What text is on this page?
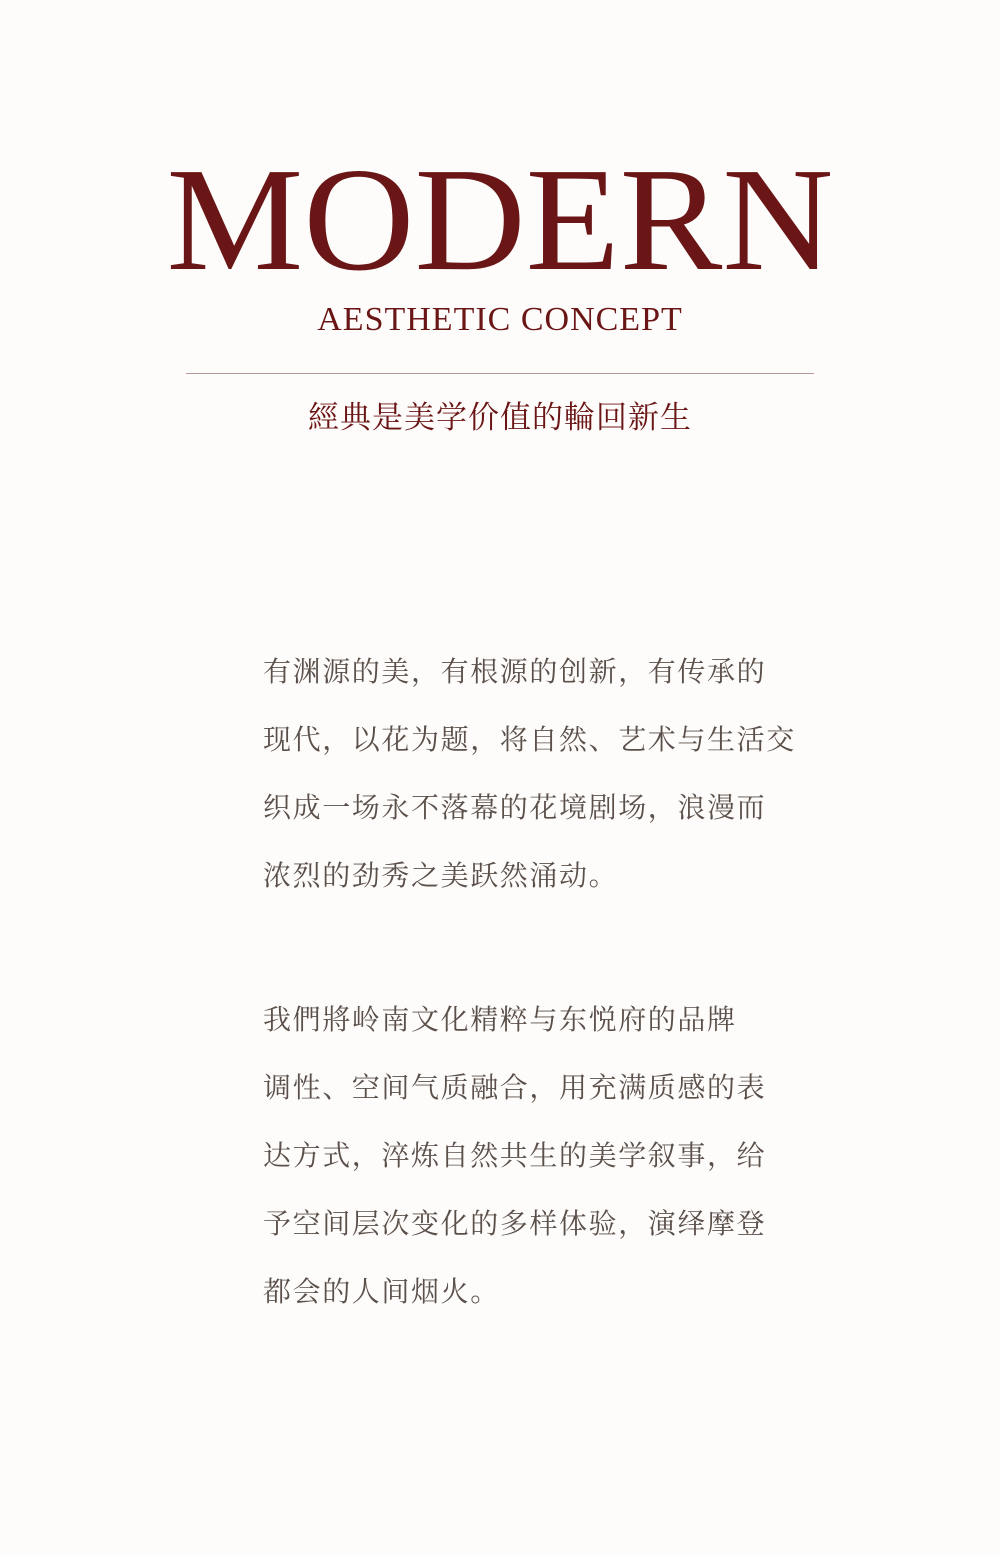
MODERN
AESTHETIC CONCEPT
經典是美学价值的輪回新生
有渊源的美，有根源的创新，有传承的
现代，以花为题，将自然、艺术与生活交
织成一场永不落幕的花境剧场，浪漫而
浓烈的劲秀之美跃然涌动。
我們將岭南文化精粹与东悦府的品牌
调性、空间气质融合，用充满质感的表
达方式，淬炼自然共生的美学叙事，给
予空间层次变化的多样体验，演绎摩登
都会的人间烟火。
